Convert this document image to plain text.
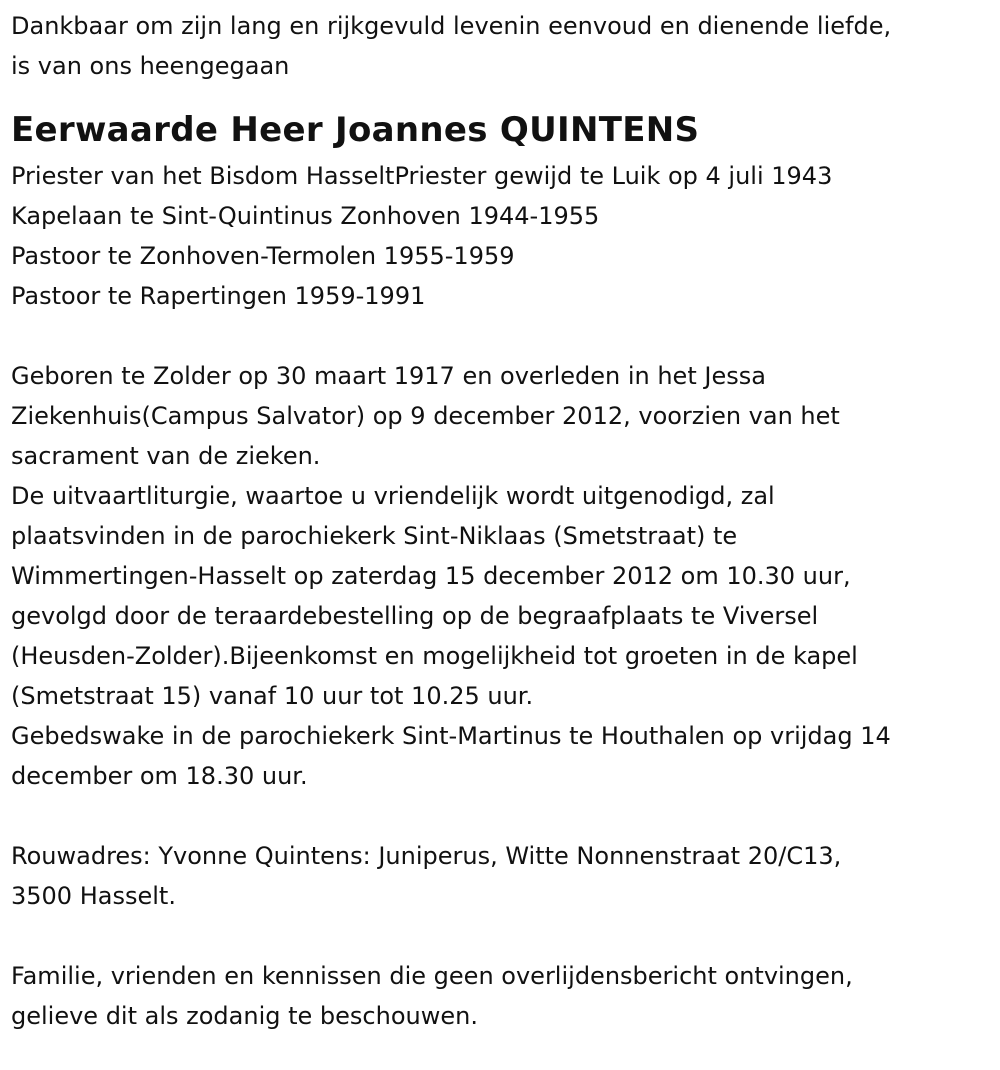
Dankbaar om zijn lang en rijkgevuld levenin eenvoud en dienende liefde,

is van ons heengegaan

Eerwaarde Heer Joannes QUINTENS

Priester van het Bisdom HasseltPriester gewijd te Luik op 4 juli 1943

Kapelaan te Sint-Quintinus Zonhoven 1944-1955

Pastoor te Zonhoven-Termolen 1955-1959

Pastoor te Rapertingen 1959-1991

Geboren te Zolder op 30 maart 1917 en overleden in het Jessa

Ziekenhuis(Campus Salvator) op 9 december 2012, voorzien van het

sacrament van de zieken.

De uitvaartliturgie, waartoe u vriendelijk wordt uitgenodigd, zal

plaatsvinden in de parochiekerk Sint-Niklaas (Smetstraat) te

Wimmertingen-Hasselt op zaterdag 15 december 2012 om 10.30 uur,

gevolgd door de teraardebestelling op de begraafplaats te Viversel

(Heusden-Zolder).Bijeenkomst en mogelijkheid tot groeten in de kapel

(Smetstraat 15) vanaf 10 uur tot 10.25 uur.

Gebedswake in de parochiekerk Sint-Martinus te Houthalen op vrijdag 14

december om 18.30 uur.

Rouwadres: Yvonne Quintens: Juniperus, Witte Nonnenstraat 20/C13,

3500 Hasselt.

Familie, vrienden en kennissen die geen overlijdensbericht ontvingen,

gelieve dit als zodanig te beschouwen.
